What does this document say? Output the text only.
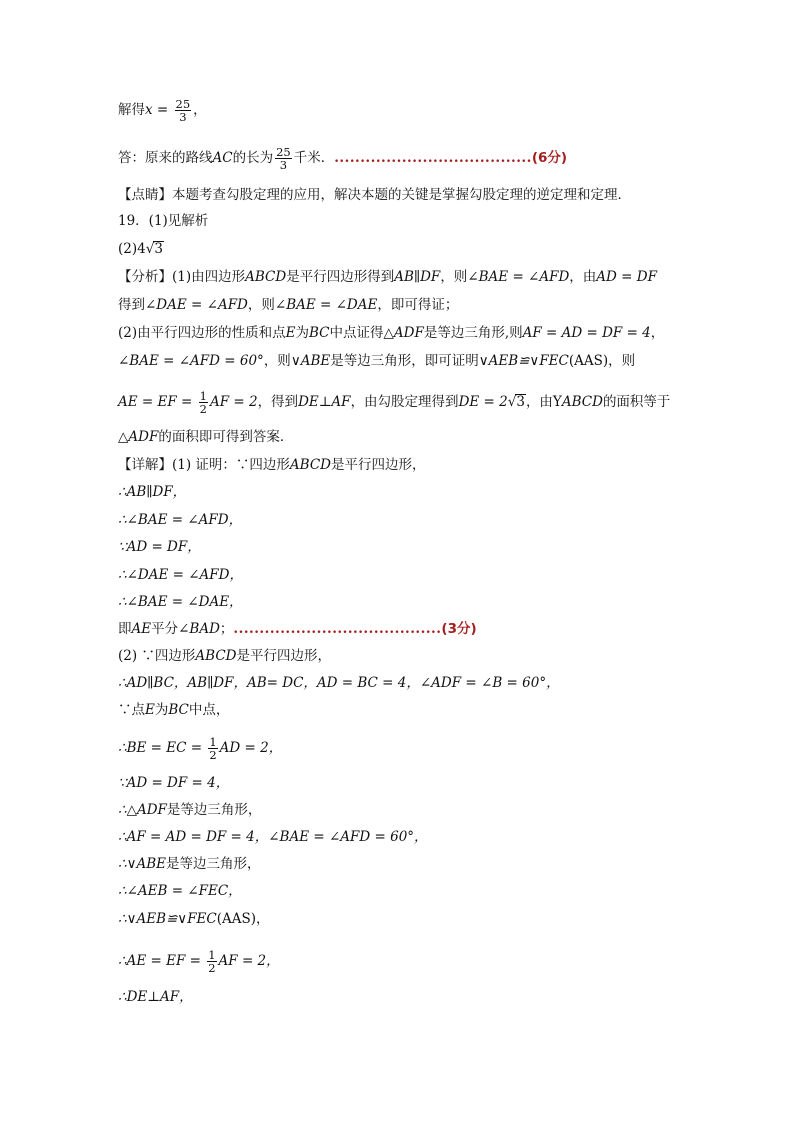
解得$x = \frac{25}{3}$ ，
答：原来的路线AC的长为 $\frac{25}{3}$ 千米．......................................(6分)
【点睛】本题考查勾股定理的应用，解决本题的关键是掌握勾股定理的逆定理和定理．
19．(1)见解析
(2)4√3
【分析】(1)由四边形ABCD是平行四边形得到AB∥DF，则∠BAE = ∠AFD，由AD = DF
得到∠DAE = ∠AFD，则∠BAE = ∠DAE，即可得证；
(2)由平行四边形的性质和点E为BC中点证得△ADF是等边三角形,则AF = AD = DF = 4，
∠BAE = ∠AFD = 60°，则∨ABE是等边三角形，即可证明∨AEB≌∨FEC(AAS)，则
AE = EF = $\frac{1}{2}$ AF = 2，得到DE⊥AF，由勾股定理得到DE = 2√3，由YABCD的面积等于
△ADF的面积即可得到答案．
【详解】(1) 证明：∵四边形ABCD是平行四边形，
∴AB∥DF，
∴∠BAE = ∠AFD，
∵AD = DF，
∴∠DAE = ∠AFD，
∴∠BAE = ∠DAE，
即AE平分∠BAD；........................................(3分)
(2) ∵四边形ABCD是平行四边形，
∴AD∥BC，AB∥DF，AB= DC，AD = BC = 4，∠ADF = ∠B = 60°，
∵点E为BC中点，
∴BE = EC = $\frac{1}{2}$ AD = 2，
∵AD = DF = 4，
∴△ADF是等边三角形，
∴AF = AD = DF = 4，∠BAE = ∠AFD = 60°，
∴∨ABE是等边三角形，
∴∠AEB = ∠FEC，
∴∨AEB≌∨FEC(AAS)，
∴AE = EF = $\frac{1}{2}$ AF = 2，
∴DE⊥AF，
